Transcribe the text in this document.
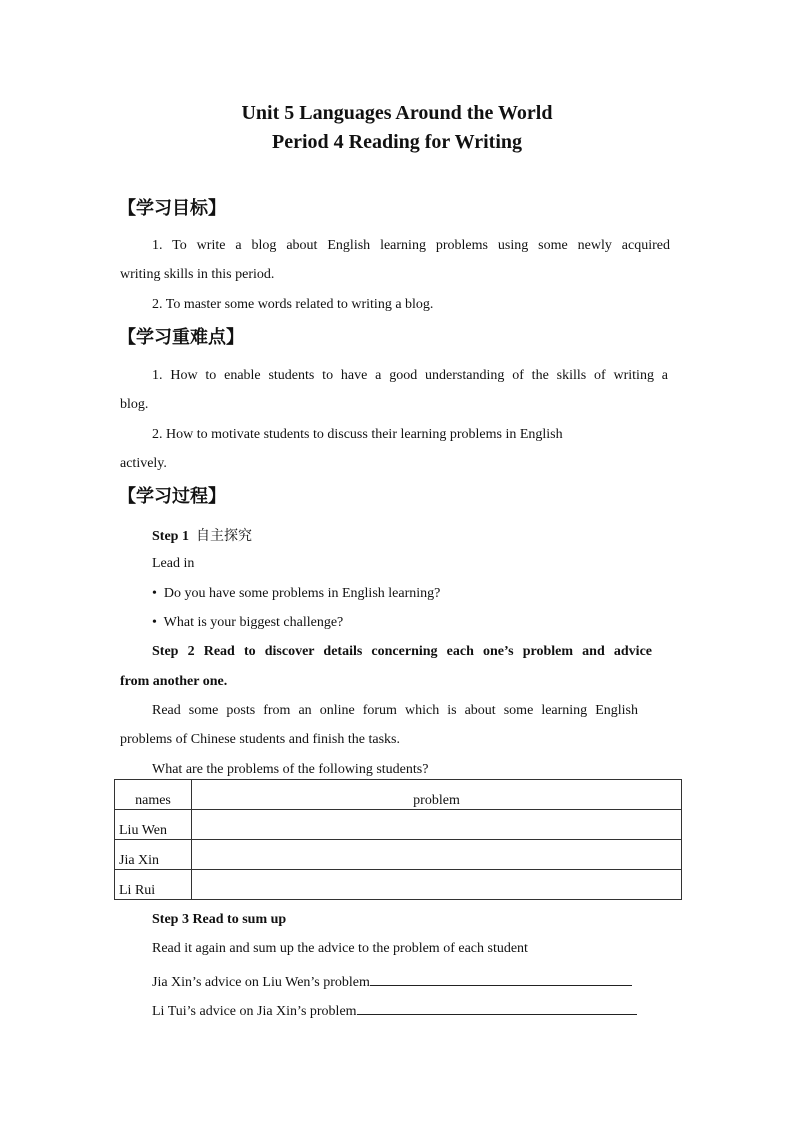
Unit 5 Languages Around the World
Period 4 Reading for Writing
【学习目标】
1. To write a blog about English learning problems using some newly acquired
writing skills in this period.
2. To master some words related to writing a blog.
【学习重难点】
1. How to enable students to have a good understanding of the skills of writing a
blog.
2. How to motivate students to discuss their learning problems in English
actively.
【学习过程】
Step 1 自主探究
Lead in
• Do you have some problems in English learning?
• What is your biggest challenge?
Step 2 Read to discover details concerning each one’s problem and advice
from another one.
Read some posts from an online forum which is about some learning English
problems of Chinese students and finish the tasks.
What are the problems of the following students?
names	problem
Liu Wen	
Jia Xin	
Li Rui	
Step 3 Read to sum up
Read it again and sum up the advice to the problem of each student
Jia Xin’s advice on Liu Wen’s problem
Li Tui’s advice on Jia Xin’s problem
